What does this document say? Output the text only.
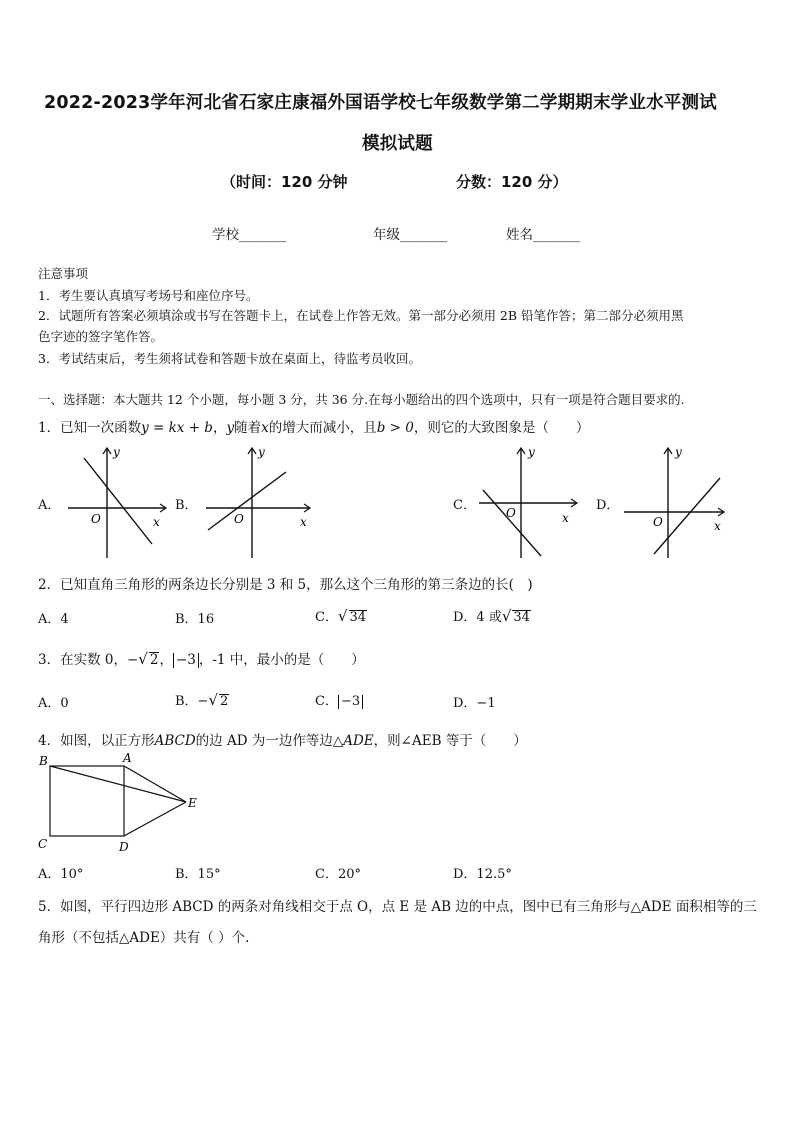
2022-2023学年河北省石家庄康福外国语学校七年级数学第二学期期末学业水平测试
模拟试题
（时间：120 分钟	分数：120 分）
学校_______	年级_______	姓名_______
注意事项
1．考生要认真填写考场号和座位序号。
2．试题所有答案必须填涂或书写在答题卡上，在试卷上作答无效。第一部分必须用 2B 铅笔作答；第二部分必须用黑
色字迹的签字笔作答。
3．考试结束后，考生须将试卷和答题卡放在桌面上，待监考员收回。
一、选择题：本大题共 12 个小题，每小题 3 分，共 36 分.在每小题给出的四个选项中，只有一项是符合题目要求的.
1．已知一次函数y = kx + b，y随着x的增大而减小，且b > 0，则它的大致图象是（　　）
A．	B．	C．	D．
y
x
O
y
x
O
y
x
O
y
x
O
2．已知直角三角形的两条边长分别是 3 和 5，那么这个三角形的第三条边的长(　)
A．4	B．16	C．√ 34	D．4 或√ 34
3．在实数 0，−√ 2， −3 ，-1 中，最小的是（　　）
A．0	B．−√ 2	C． −3	D．−1
4．如图，以正方形ABCD的边 AD 为一边作等边△ADE，则∠AEB 等于（　　）
B	A
C	D
E
A．10°	B．15°	C．20°	D．12.5°
5．如图，平行四边形 ABCD 的两条对角线相交于点 O，点 E 是 AB 边的中点，图中已有三角形与△ADE 面积相等的三
角形（不包括△ADE）共有（ ）个.
